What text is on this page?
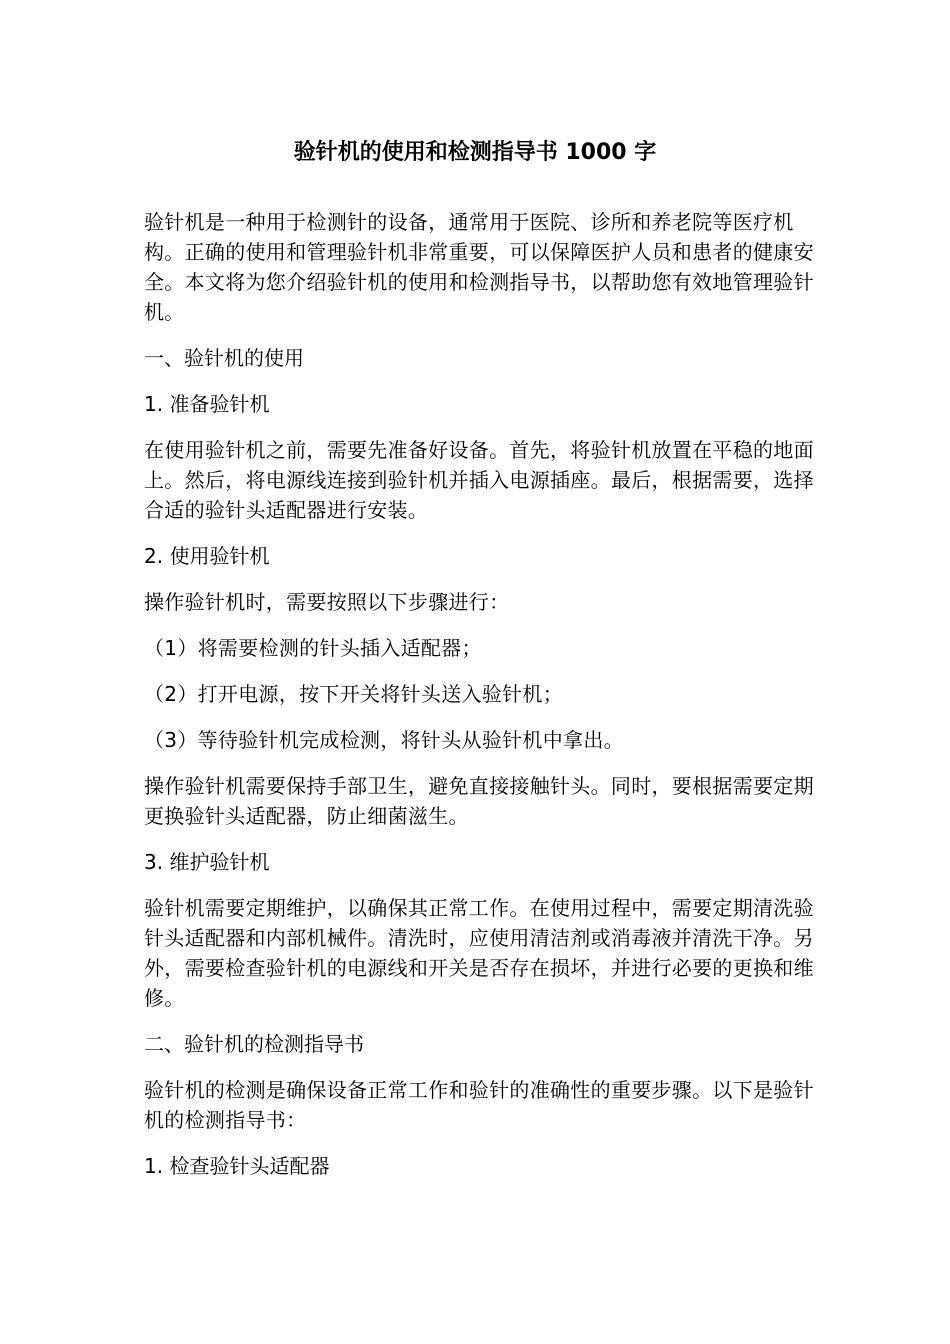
验针机的使用和检测指导书 1000 字

验针机是一种用于检测针的设备，通常用于医院、诊所和养老院等医疗机构。正确的使用和管理验针机非常重要，可以保障医护人员和患者的健康安全。本文将为您介绍验针机的使用和检测指导书，以帮助您有效地管理验针机。

一、验针机的使用

1. 准备验针机

在使用验针机之前，需要先准备好设备。首先，将验针机放置在平稳的地面上。然后，将电源线连接到验针机并插入电源插座。最后，根据需要，选择合适的验针头适配器进行安装。

2. 使用验针机

操作验针机时，需要按照以下步骤进行：

（1）将需要检测的针头插入适配器；

（2）打开电源，按下开关将针头送入验针机；

（3）等待验针机完成检测，将针头从验针机中拿出。

操作验针机需要保持手部卫生，避免直接接触针头。同时，要根据需要定期更换验针头适配器，防止细菌滋生。

3. 维护验针机

验针机需要定期维护，以确保其正常工作。在使用过程中，需要定期清洗验针头适配器和内部机械件。清洗时，应使用清洁剂或消毒液并清洗干净。另外，需要检查验针机的电源线和开关是否存在损坏，并进行必要的更换和维修。

二、验针机的检测指导书

验针机的检测是确保设备正常工作和验针的准确性的重要步骤。以下是验针机的检测指导书：

1. 检查验针头适配器
